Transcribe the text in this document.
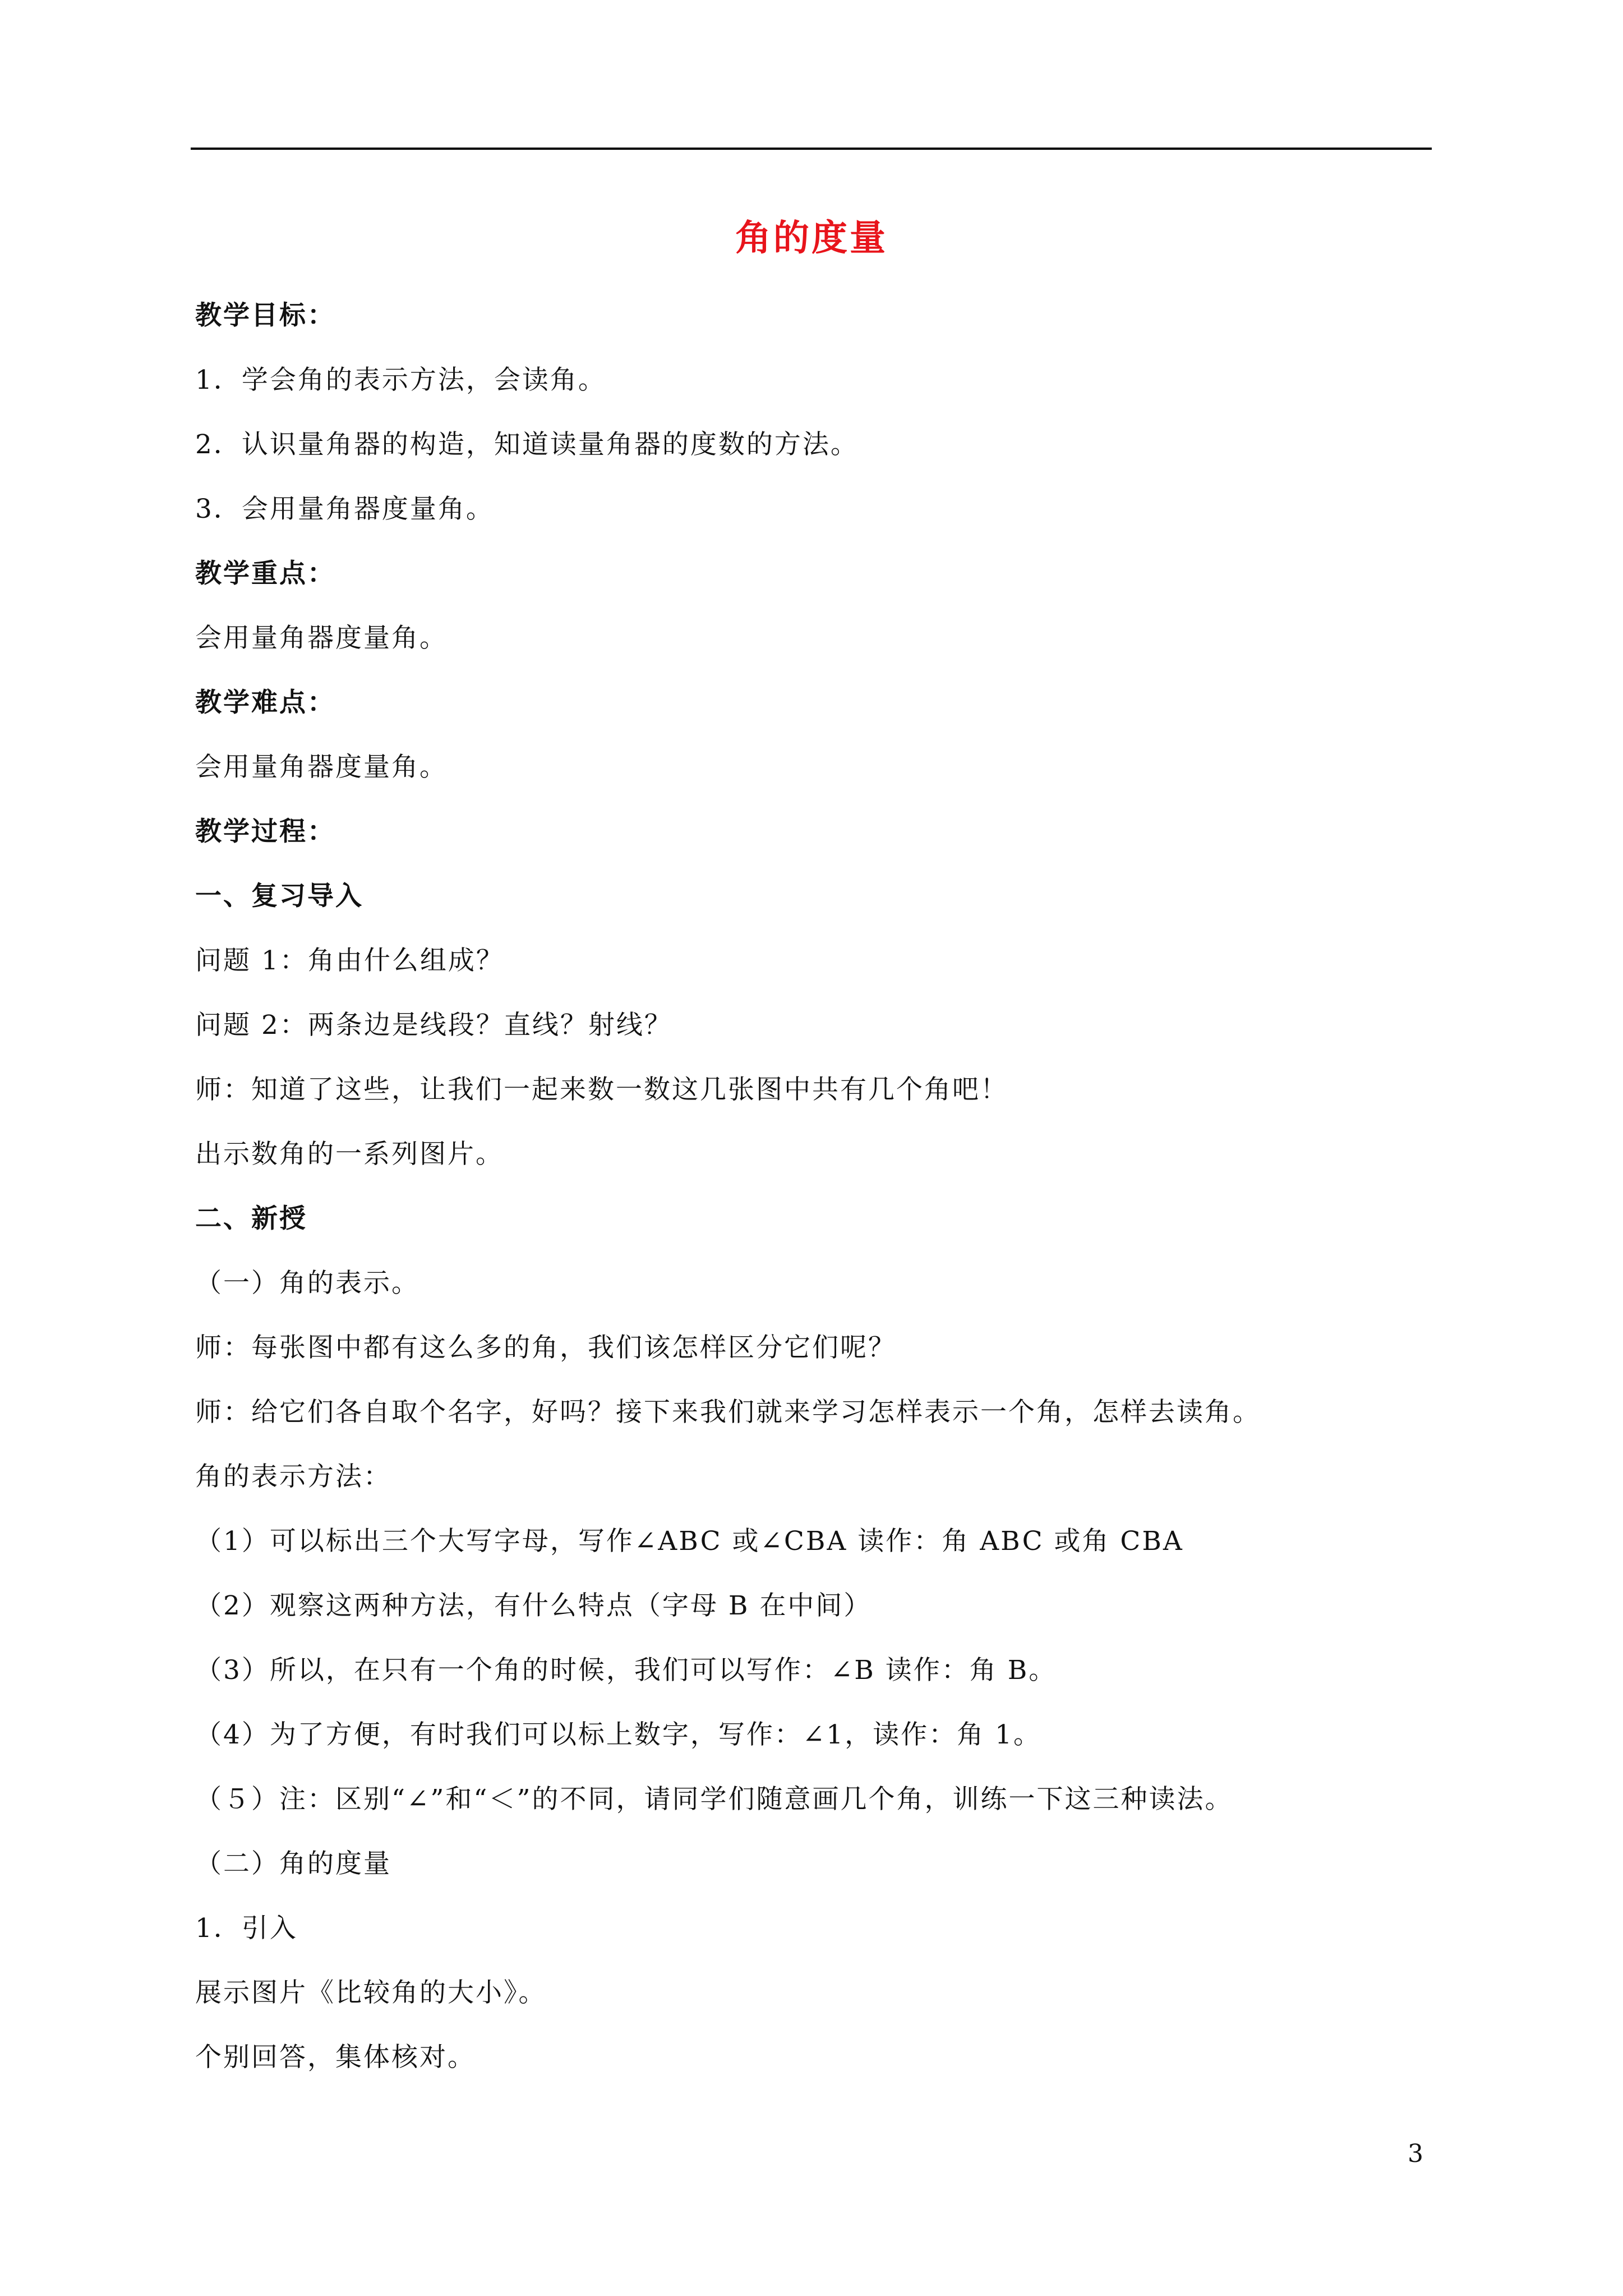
角的度量
教学目标：
1．学会角的表示方法，会读角。
2．认识量角器的构造，知道读量角器的度数的方法。
3．会用量角器度量角。
教学重点：
会用量角器度量角。
教学难点：
会用量角器度量角。
教学过程：
一、复习导入
问题 1：角由什么组成？
问题 2：两条边是线段？直线？射线？
师：知道了这些，让我们一起来数一数这几张图中共有几个角吧！
出示数角的一系列图片。
二、新授
（一）角的表示。
师：每张图中都有这么多的角，我们该怎样区分它们呢？
师：给它们各自取个名字，好吗？接下来我们就来学习怎样表示一个角，怎样去读角。
角的表示方法：
（1）可以标出三个大写字母，写作∠ABC 或∠CBA 读作：角 ABC 或角 CBA
（2）观察这两种方法，有什么特点（字母 B 在中间）
（3）所以，在只有一个角的时候，我们可以写作：∠B 读作：角 B。
（4）为了方便，有时我们可以标上数字，写作：∠1，读作：角 1。
（５）注：区别“∠”和“＜”的不同，请同学们随意画几个角，训练一下这三种读法。
（二）角的度量
1．引入
展示图片《比较角的大小》。
个别回答，集体核对。
3
